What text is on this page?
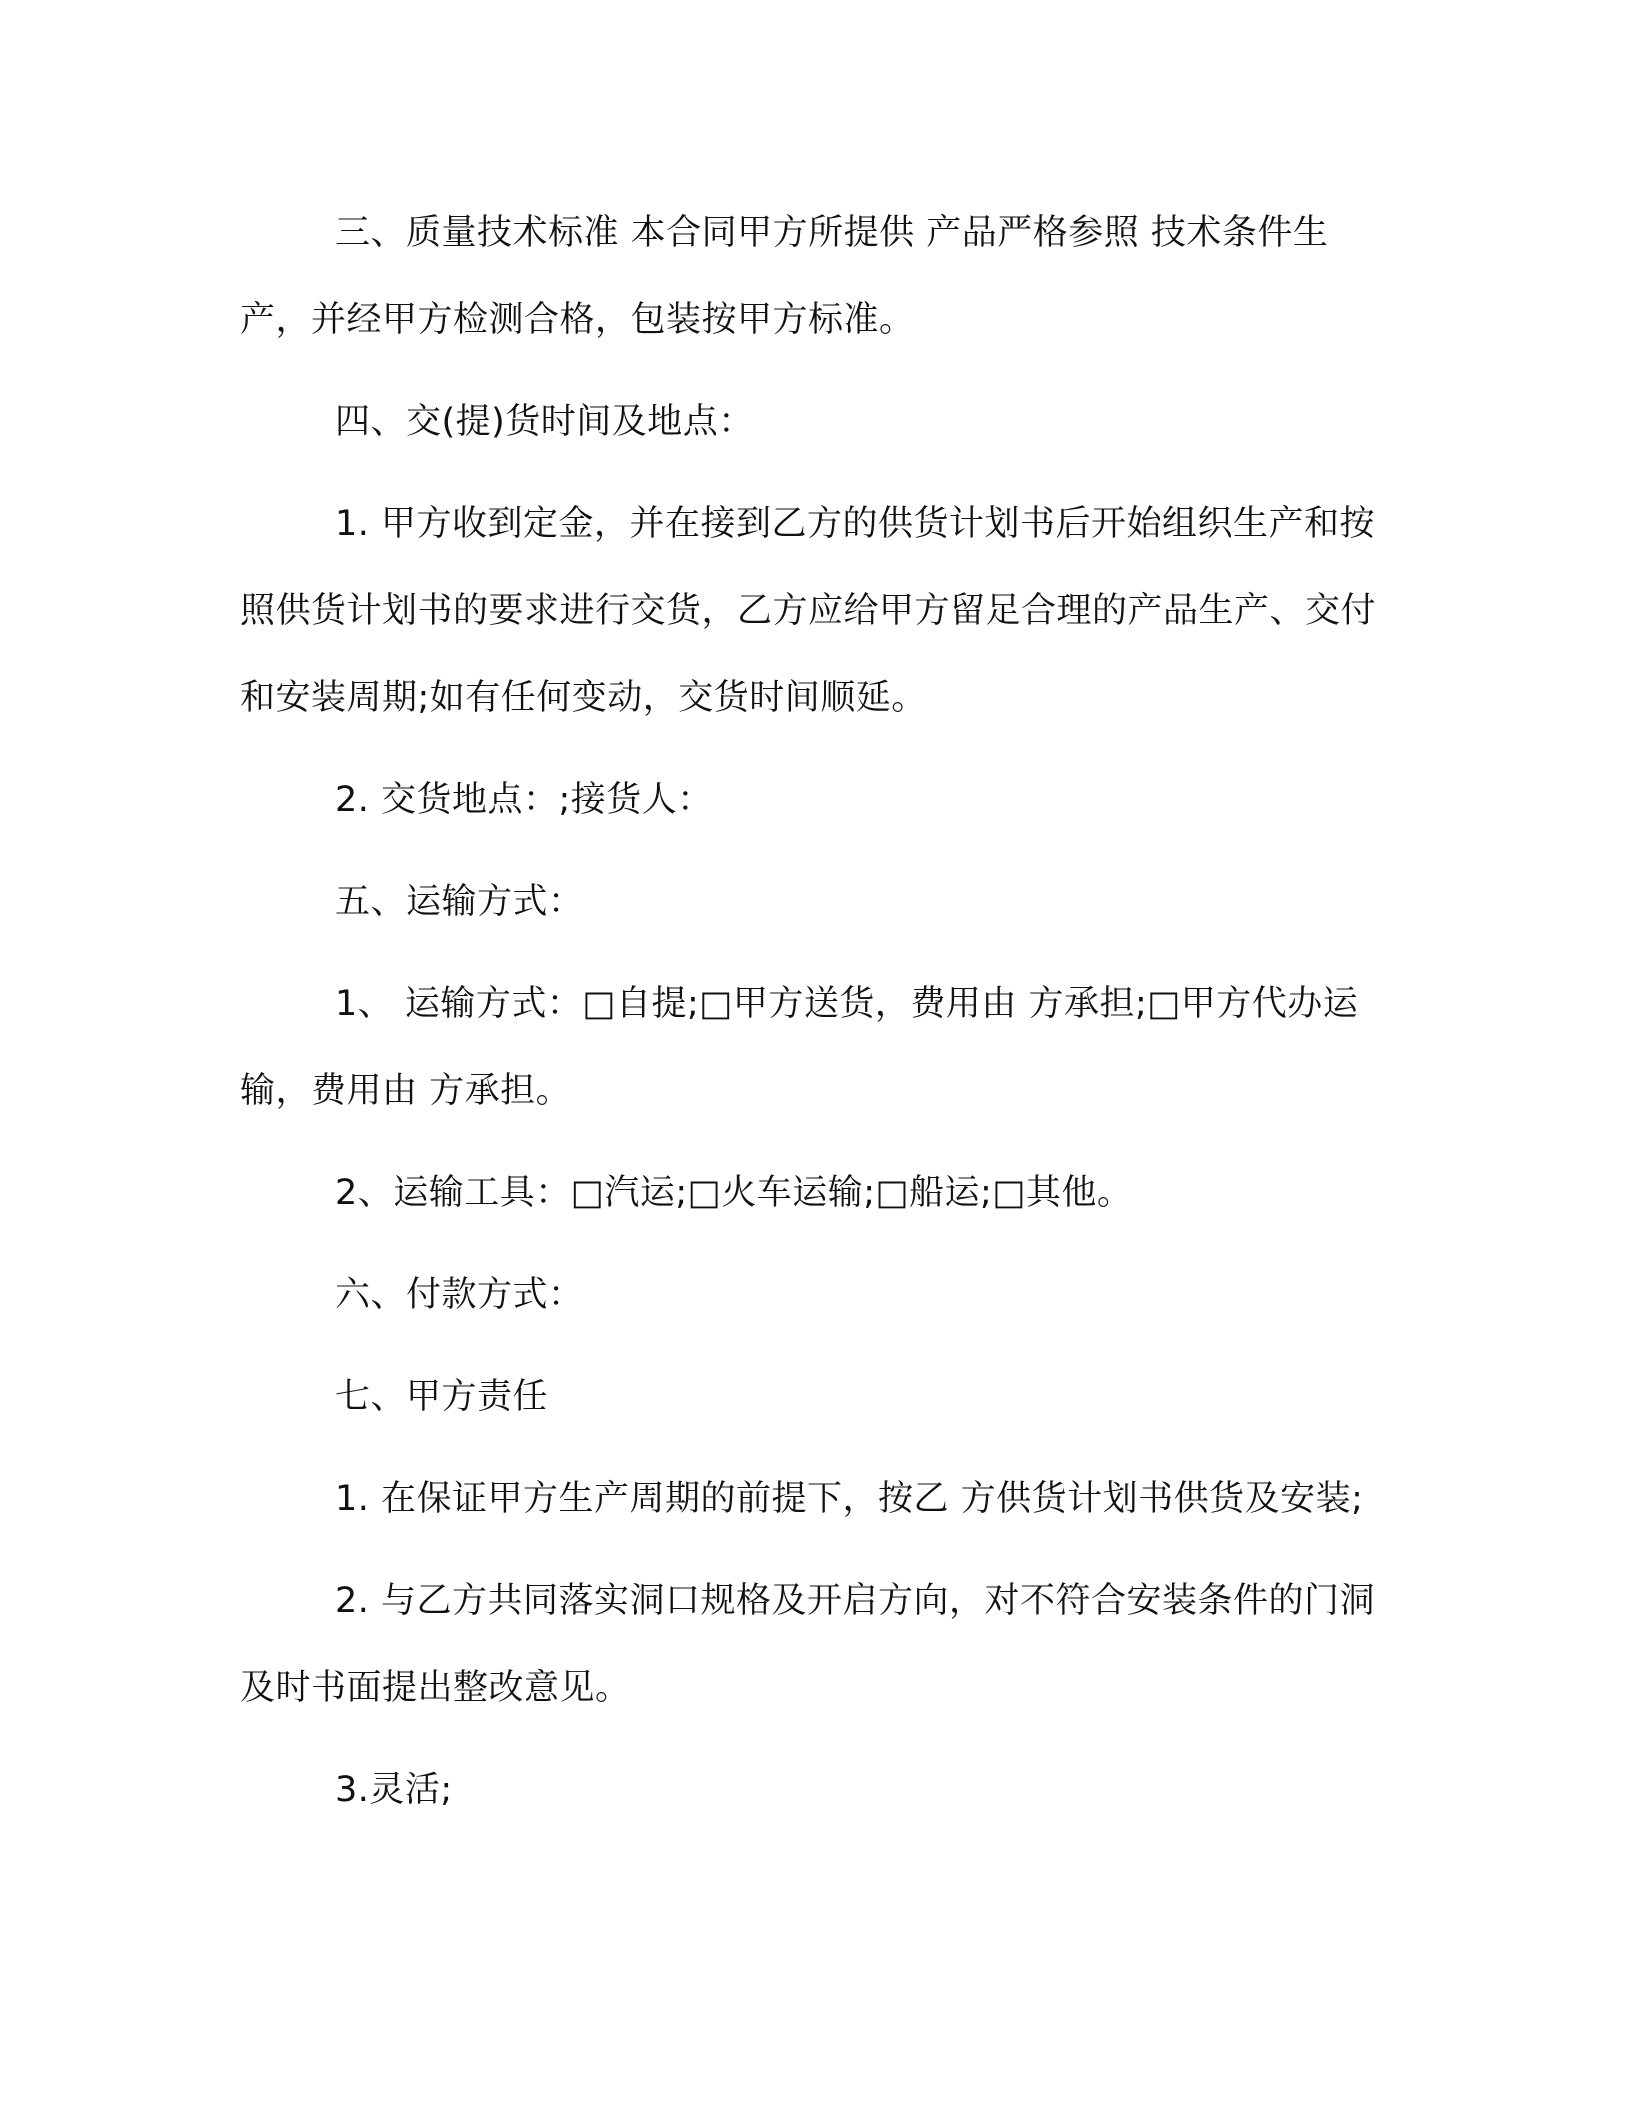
三、质量技术标准 本合同甲方所提供 产品严格参照 技术条件生产，并经甲方检测合格，包装按甲方标准。

四、交(提)货时间及地点：

1. 甲方收到定金，并在接到乙方的供货计划书后开始组织生产和按照供货计划书的要求进行交货，乙方应给甲方留足合理的产品生产、交付和安装周期;如有任何变动，交货时间顺延。

2. 交货地点：;接货人：

五、运输方式：

1、 运输方式：□自提;□甲方送货，费用由 方承担;□甲方代办运输，费用由 方承担。

2、运输工具：□汽运;□火车运输;□船运;□其他。

六、付款方式：

七、甲方责任

1. 在保证甲方生产周期的前提下，按乙 方供货计划书供货及安装;

2. 与乙方共同落实洞口规格及开启方向，对不符合安装条件的门洞及时书面提出整改意见。

3.灵活;
